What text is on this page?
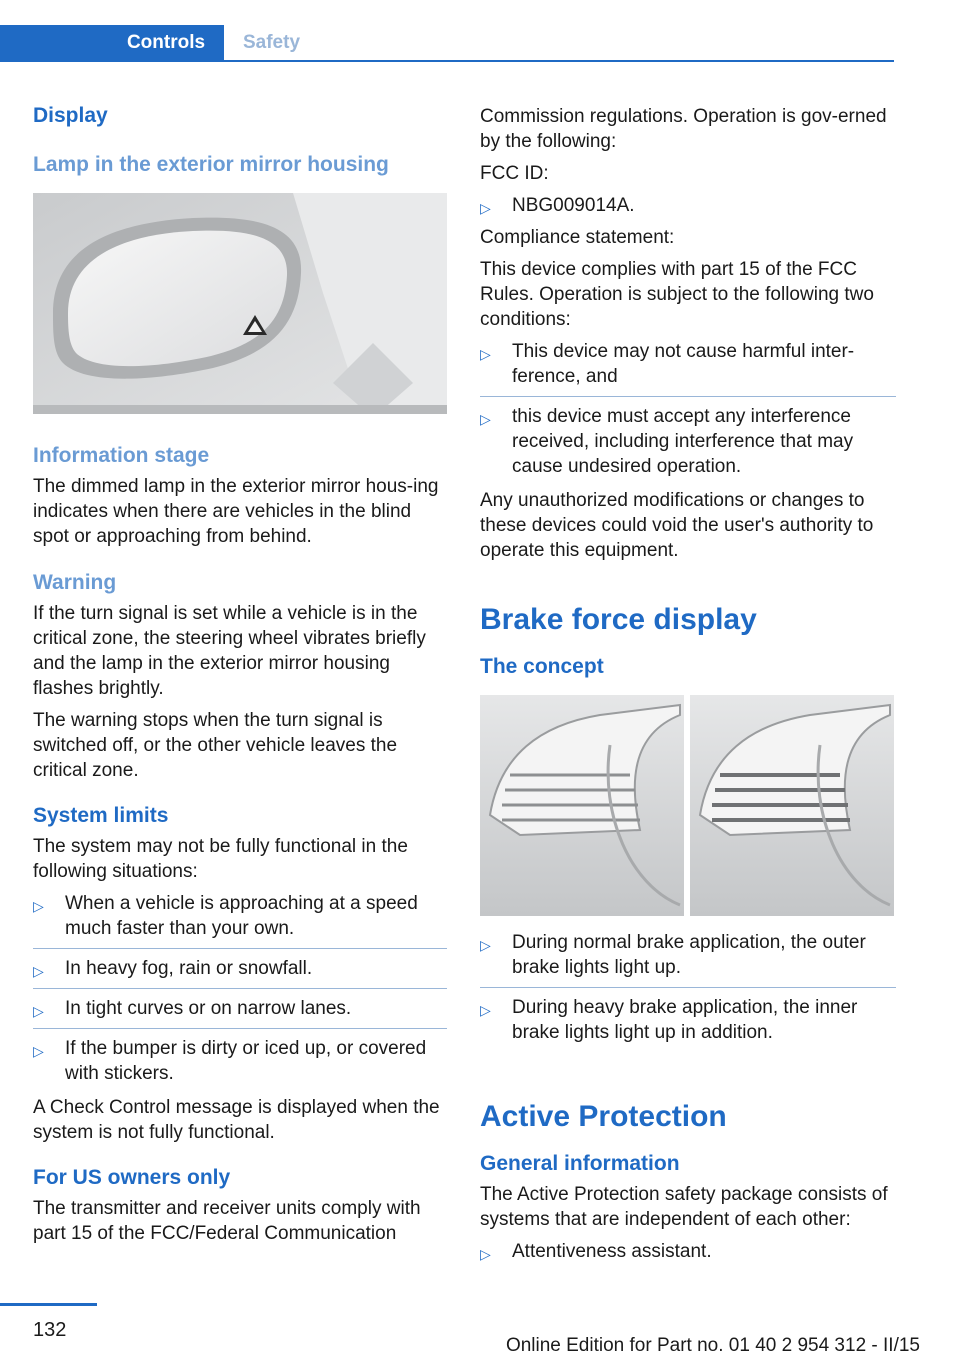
Controls	Safety
Display
Lamp in the exterior mirror housing
Information stage

The dimmed lamp in the exterior mirror hous‐ing indicates when there are vehicles in the blind spot or approaching from behind.

Warning

If the turn signal is set while a vehicle is in the critical zone, the steering wheel vibrates briefly and the lamp in the exterior mirror housing flashes brightly.

The warning stops when the turn signal is switched off, or the other vehicle leaves the critical zone.

System limits

The system may not be fully functional in the following situations:

▷ When a vehicle is approaching at a speed much faster than your own.
▷ In heavy fog, rain or snowfall.
▷ In tight curves or on narrow lanes.
▷ If the bumper is dirty or iced up, or covered with stickers.

A Check Control message is displayed when the system is not fully functional.

For US owners only

The transmitter and receiver units comply with part 15 of the FCC/Federal Communication

Commission regulations. Operation is gov‐erned by the following:

FCC ID:

▷ NBG009014A.

Compliance statement:

This device complies with part 15 of the FCC Rules. Operation is subject to the following two conditions:

▷ This device may not cause harmful inter‐ference, and
▷ this device must accept any interference received, including interference that may cause undesired operation.

Any unauthorized modifications or changes to these devices could void the user's authority to operate this equipment.

Brake force display
The concept
▷ During normal brake application, the outer brake lights light up.
▷ During heavy brake application, the inner brake lights light up in addition.
Active Protection
General information

The Active Protection safety package consists of systems that are independent of each other:

▷ Attentiveness assistant.
132
Online Edition for Part no. 01 40 2 954 312 - II/15
